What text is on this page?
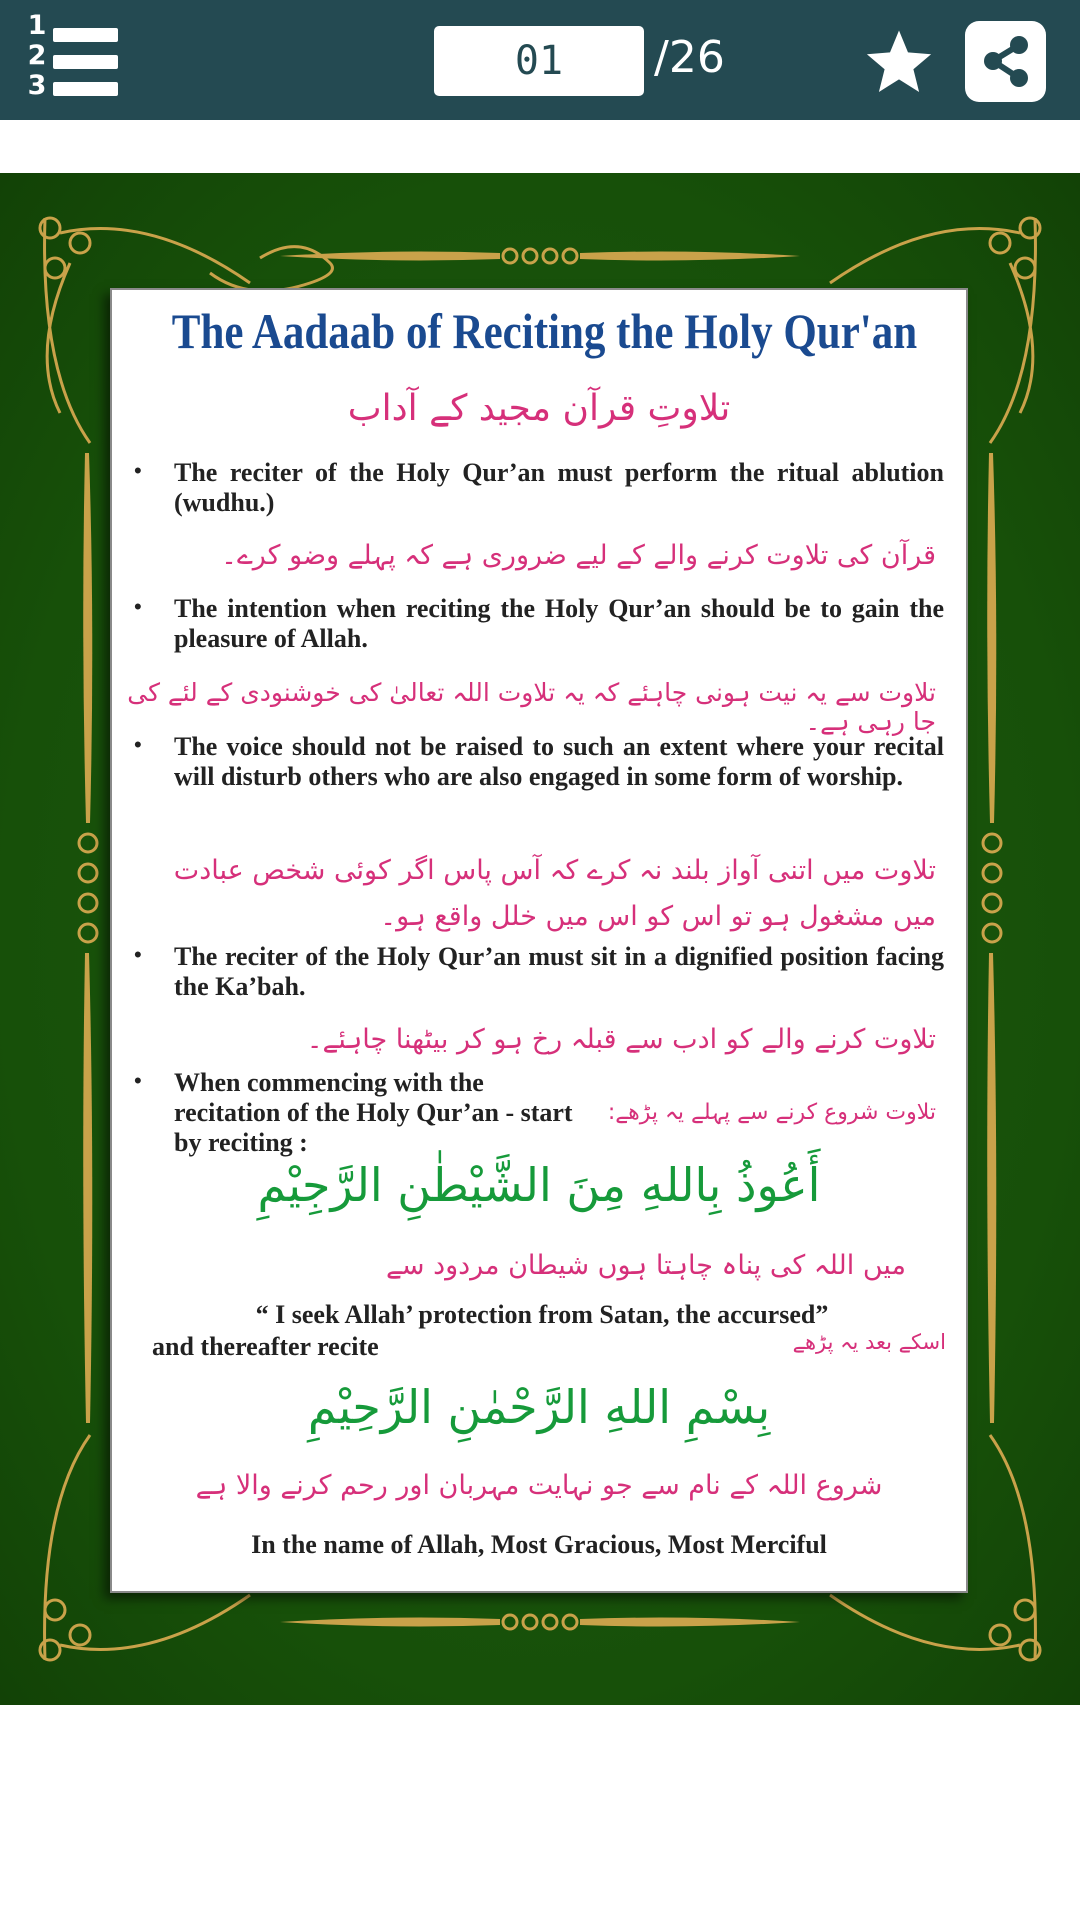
1
2
3
01	/26
The Aadaab of Reciting the Holy Qur'an
تلاوتِ قرآن مجید کے آداب
• The reciter of the Holy Qur’an must perform the ritual ablution (wudhu.)
قرآن کی تلاوت کرنے والے کے لیے ضروری ہے کہ پہلے وضو کرے۔
• The intention when reciting the Holy Qur’an should be to gain the pleasure of Allah.
تلاوت سے یہ نیت ہونی چاہئے کہ یہ تلاوت اللہ تعالیٰ کی خوشنودی کے لئے کی جا رہی ہے۔
• The voice should not be raised to such an extent where your recital will disturb others who are also engaged in some form of worship.
تلاوت میں اتنی آواز بلند نہ کرے کہ آس پاس اگر کوئی شخص عبادت میں مشغول ہو تو اس کو اس میں خلل واقع ہو۔
• The reciter of the Holy Qur’an must sit in a dignified position facing the Ka’bah.
تلاوت کرنے والے کو ادب سے قبلہ رخ ہو کر بیٹھنا چاہئے۔
• When commencing with the recitation of the Holy Qur’an - start by reciting :
تلاوت شروع کرنے سے پہلے یہ پڑھے:
أَعُوذُ بِاللهِ مِنَ الشَّيْطٰنِ الرَّجِيْمِ
میں اللہ کی پناہ چاہتا ہوں شیطان مردود سے
“ I seek Allah’ protection from Satan, the accursed”
and thereafter recite	اسکے بعد یہ پڑھے
بِسْمِ اللهِ الرَّحْمٰنِ الرَّحِيْمِ
شروع اللہ کے نام سے جو نہایت مہربان اور رحم کرنے والا ہے
In the name of Allah, Most Gracious, Most Merciful
